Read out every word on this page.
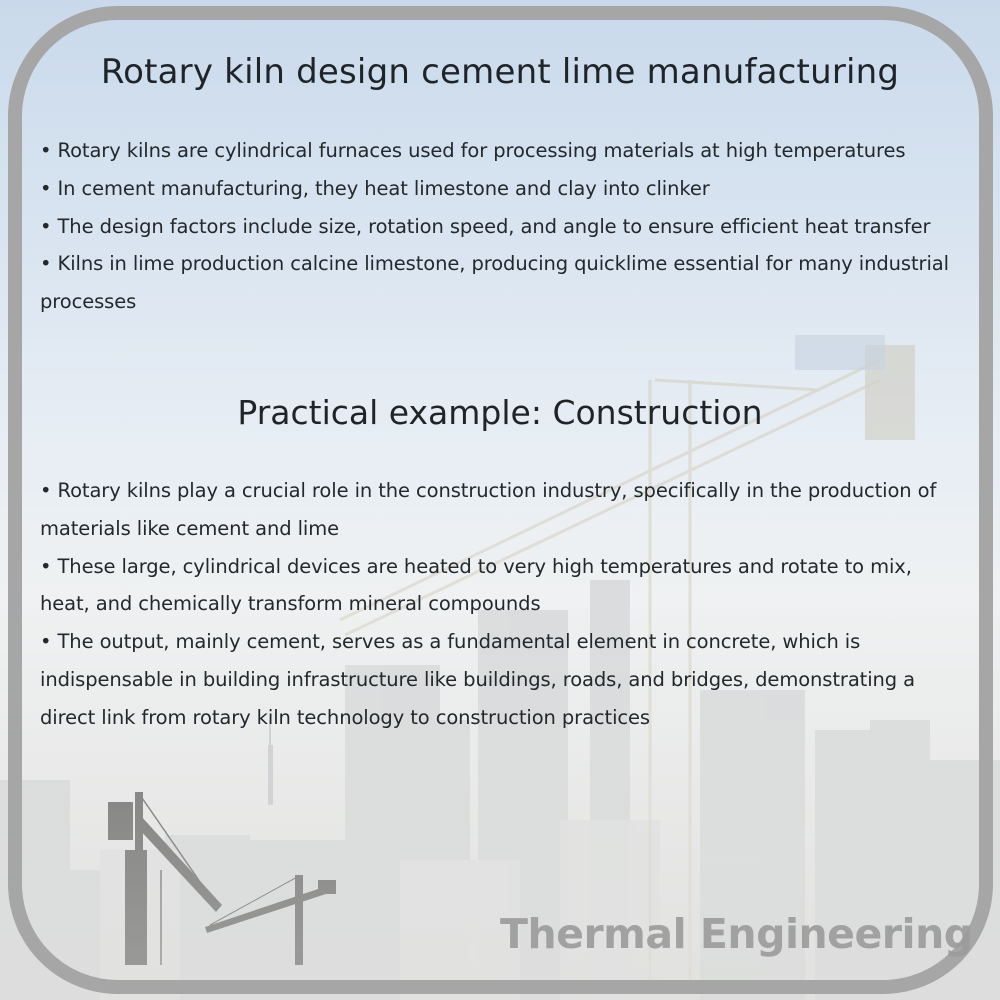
Rotary kiln design cement lime manufacturing

• Rotary kilns are cylindrical furnaces used for processing materials at high temperatures

• In cement manufacturing, they heat limestone and clay into clinker

• The design factors include size, rotation speed, and angle to ensure efficient heat transfer

• Kilns in lime production calcine limestone, producing quicklime essential for many industrial processes

Practical example: Construction

• Rotary kilns play a crucial role in the construction industry, specifically in the production of materials like cement and lime

• These large, cylindrical devices are heated to very high temperatures and rotate to mix, heat, and chemically transform mineral compounds

• The output, mainly cement, serves as a fundamental element in concrete, which is indispensable in building infrastructure like buildings, roads, and bridges, demonstrating a direct link from rotary kiln technology to construction practices

Thermal Engineering
